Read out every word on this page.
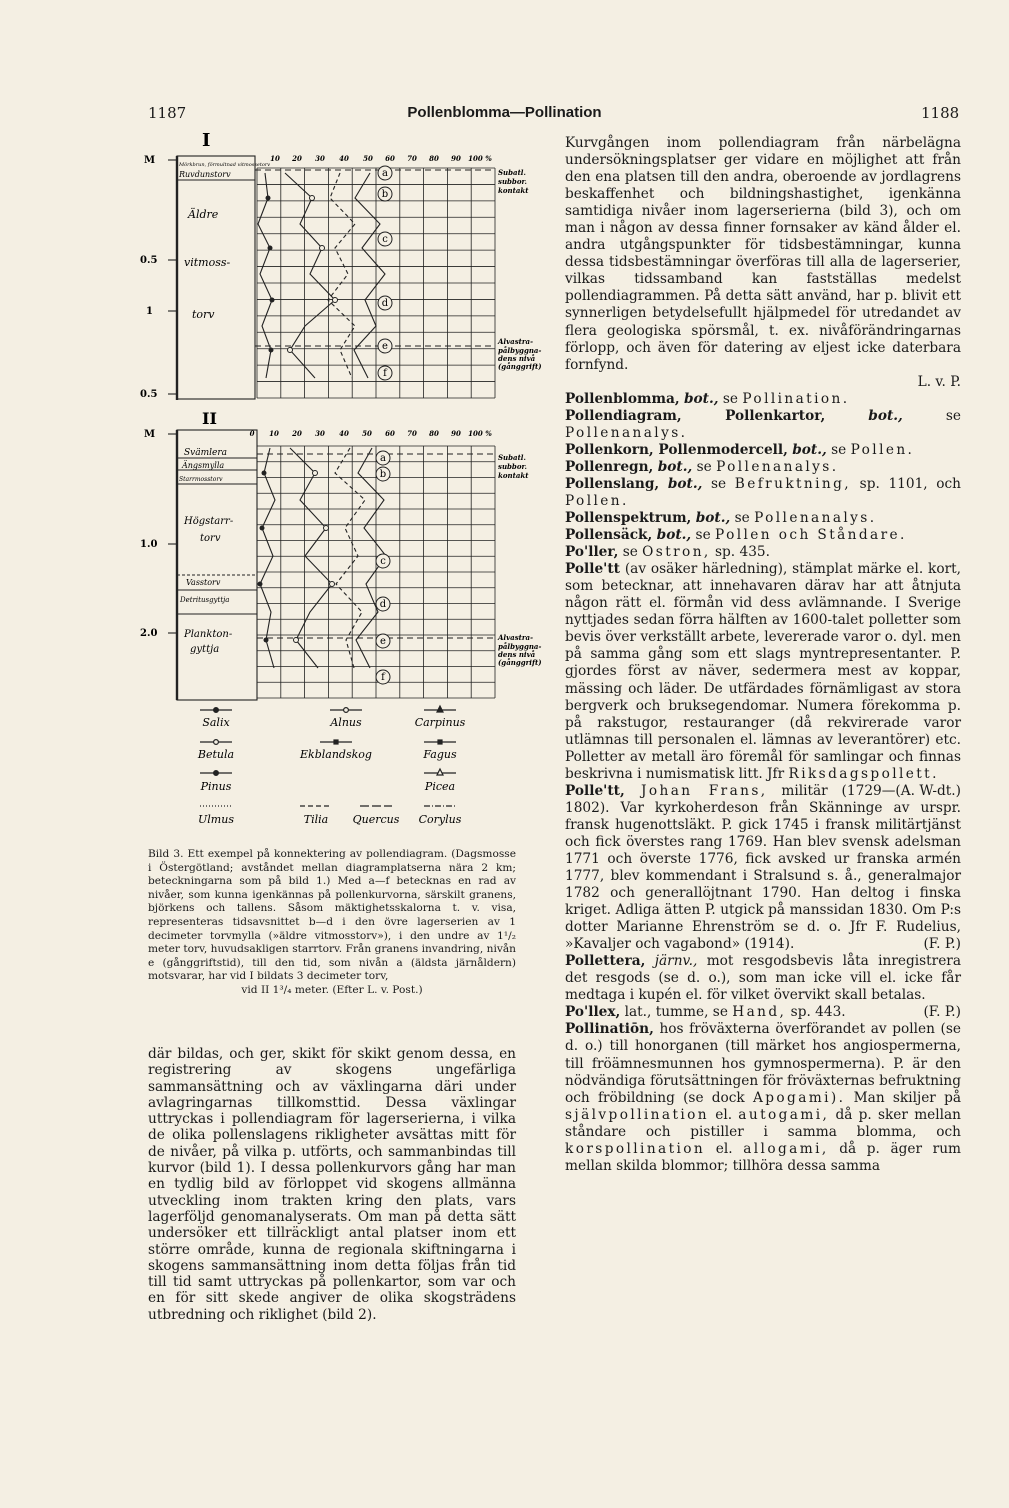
1187	Pollenblomma—Pollination	1188
a
b
c
d
e
f
a
b
c
d
e
f
I
II
M
0.5
1
0.5
M
1.0
2.0
Mörkbrun, förmultnad vitmossetorv
Ruvdunstorv
Äldre
vitmoss-
torv
Svämlera
Ängsmylla
Starrmosstorv
Högstarr-
torv
Vasstorv
Detritusgyttja
Plankton-
gyttja
10 20 30 40 50 60 70 80 90 100 %
0 10 20 30 40 50 60 70 80 90 100 %
Subatl.
subbor.
kontakt
Alvastra-
pålbyggna-
dens nivå
(gånggrift)
Subatl.
subbor.
kontakt
Alvastra-
pålbyggna-
dens nivå
(gånggrift)
Salix	Alnus	Carpinus
Betula	Ekblandskog	Fagus
Pinus	Picea
Ulmus	Tilia Quercus Corylus

Bild 3. Ett exempel på konnektering av pollendiagram. (Dagsmosse i Östergötland; avståndet mellan diagramplatserna nära 2 km; beteckningarna som på bild 1.) Med a—f betecknas en rad av nivåer, som kunna igenkännas på pollenkurvorna, särskilt granens, björkens och tallens. Såsom mäktighetsskalorna t. v. visa, representeras tidsavsnittet b—d i den övre lagerserien av 1 decimeter torvmylla (»äldre vitmosstorv»), i den undre av 1¹/₂ meter torv, huvudsakligen starrtorv. Från granens invandring, nivån e (gånggriftstid), till den tid, som nivån a (äldsta järnåldern) motsvarar, har vid I bildats 3 decimeter torv,

vid II 1³/₄ meter. (Efter L. v. Post.)

där bildas, och ger, skikt för skikt genom dessa, en registrering av skogens ungefärliga sammansättning och av växlingarna däri under avlagringarnas tillkomsttid. Dessa växlingar uttryckas i pollendiagram för lagerserierna, i vilka de olika pollenslagens rikligheter avsättas mitt för de nivåer, på vilka p. utförts, och sammanbindas till kurvor (bild 1). I dessa pollenkurvors gång har man en tydlig bild av förloppet vid skogens allmänna utveckling inom trakten kring den plats, vars lagerföljd genomanalyserats. Om man på detta sätt undersöker ett tillräckligt antal platser inom ett större område, kunna de regionala skiftningarna i skogens sammansättning inom detta följas från tid till tid samt uttryckas på pollenkartor, som var och en för sitt skede angiver de olika skogsträdens utbredning och riklighet (bild 2).

Kurvgången inom pollendiagram från närbelägna undersökningsplatser ger vidare en möjlighet att från den ena platsen till den andra, oberoende av jordlagrens beskaffenhet och bildningshastighet, igenkänna samtidiga nivåer inom lagerserierna (bild 3), och om man i någon av dessa finner fornsaker av känd ålder el. andra utgångspunkter för tidsbestämningar, kunna dessa tidsbestämningar överföras till alla de lagerserier, vilkas tidssamband kan fastställas medelst pollendiagrammen. På detta sätt använd, har p. blivit ett synnerligen betydelsefullt hjälpmedel för utredandet av flera geologiska spörsmål, t. ex. nivåförändringarnas förlopp, och även för datering av eljest icke daterbara fornfynd.
L. v. P.

Pollenblomma, bot., se Pollination.

Pollendiagram, Pollenkartor,	bot., se Pollenanalys.

Pollenkorn, Pollenmodercell, bot., se Pollen.

Pollenregn, bot., se Pollenanalys.

Pollenslang, bot., se Befruktning, sp. 1101, och Pollen.

Pollenspektrum, bot., se Pollenanalys.

Pollensäck, bot., se Pollen och Ståndare.

Po'ller, se Ostron, sp. 435.

Polle'tt (av osäker härledning), stämplat märke el. kort, som betecknar, att innehavaren därav har att åtnjuta någon rätt el. förmån vid dess avlämnande. I Sverige nyttjades sedan förra hälften av 1600-talet polletter som bevis över verkställt arbete, levererade varor o. dyl. men på samma gång som ett slags myntrepresentanter. P. gjordes först av näver, sedermera mest av koppar, mässing och läder. De utfärdades förnämligast av stora bergverk och bruksegendomar. Numera förekomma p. på rakstugor, restauranger (då rekvirerade varor utlämnas till personalen el. lämnas av leverantörer) etc. Polletter av metall äro föremål för samlingar och finnas beskrivna i numismatisk litt. Jfr Riksdagspollett.
(A. W-dt.)

Polle'tt, Johan Frans, militär (1729—1802). Var kyrkoherdeson från Skänninge av urspr. fransk hugenottsläkt. P. gick 1745 i fransk militärtjänst och fick överstes rang 1769. Han blev svensk adelsman 1771 och överste 1776, fick avsked ur franska armén 1777, blev kommendant i Stralsund s. å., generalmajor 1782 och generallöjtnant 1790. Han deltog i finska kriget. Adliga ätten P. utgick på manssidan 1830. Om P:s dotter Marianne Ehrenström se d. o. Jfr F. Rudelius, »Kavaljer och vagabond» (1914).	(F. P.)

Pollettera, järnv., mot resgodsbevis låta inregistrera det resgods (se d. o.), som man icke vill el. icke får medtaga i kupén el. för vilket övervikt skall betalas.
(F. P.)

Po'llex, lat., tumme, se Hand, sp. 443.

Pollinatiōn, hos fröväxterna överförandet av pollen (se d. o.) till honorganen (till märket hos angiospermerna, till fröämnesmunnen hos gymnospermerna). P. är den nödvändiga förutsättningen för fröväxternas befruktning och fröbildning (se dock Apogami). Man skiljer på självpollination el. autogami, då p. sker mellan ståndare och pistiller i samma blomma, och korspollination el. allogami, då p. äger rum mellan skilda blommor; tillhöra dessa samma
